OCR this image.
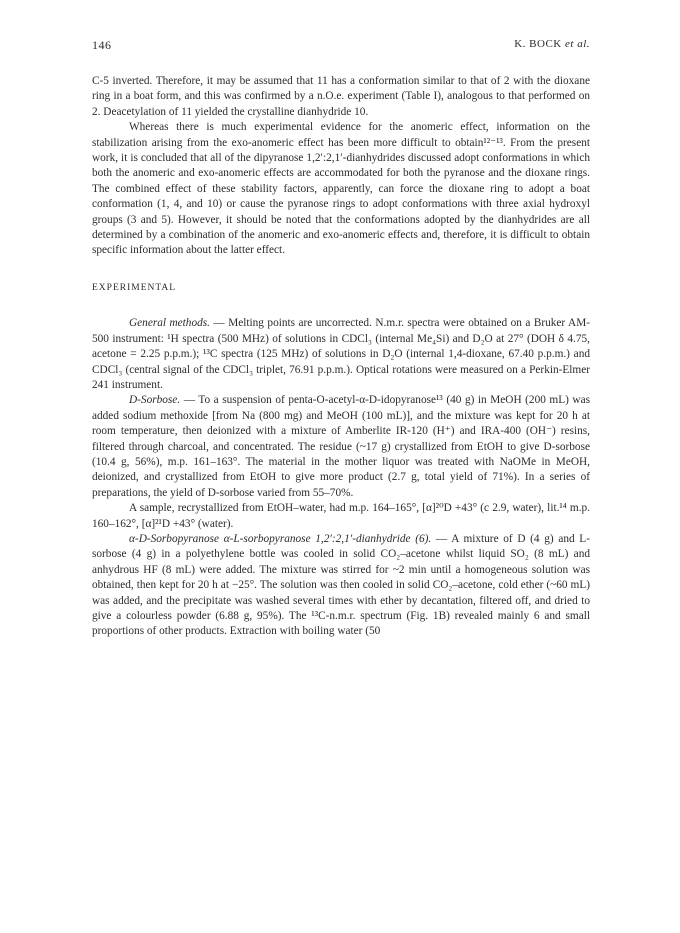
146	K. BOCK et al.

C-5 inverted. Therefore, it may be assumed that 11 has a conformation similar to that of 2 with the dioxane ring in a boat form, and this was confirmed by a n.O.e. experiment (Table I), analogous to that performed on 2. Deacetylation of 11 yielded the crystalline dianhydride 10.

Whereas there is much experimental evidence for the anomeric effect, information on the stabilization arising from the exo-anomeric effect has been more difficult to obtain¹²⁻¹³. From the present work, it is concluded that all of the dipyranose 1,2′:2,1′-dianhydrides discussed adopt conformations in which both the anomeric and exo-anomeric effects are accommodated for both the pyranose and the dioxane rings. The combined effect of these stability factors, apparently, can force the dioxane ring to adopt a boat conformation (1, 4, and 10) or cause the pyranose rings to adopt conformations with three axial hydroxyl groups (3 and 5). However, it should be noted that the conformations adopted by the dianhydrides are all determined by a combination of the anomeric and exo-anomeric effects and, therefore, it is difficult to obtain specific information about the latter effect.

EXPERIMENTAL

General methods. — Melting points are uncorrected. N.m.r. spectra were obtained on a Bruker AM-500 instrument: ¹H spectra (500 MHz) of solutions in CDCl₃ (internal Me₄Si) and D₂O at 27° (DOH δ 4.75, acetone = 2.25 p.p.m.); ¹³C spectra (125 MHz) of solutions in D₂O (internal 1,4-dioxane, 67.40 p.p.m.) and CDCl₃ (central signal of the CDCl₃ triplet, 76.91 p.p.m.). Optical rotations were measured on a Perkin-Elmer 241 instrument.

D-Sorbose. — To a suspension of penta-O-acetyl-α-D-idopyranose¹³ (40 g) in MeOH (200 mL) was added sodium methoxide [from Na (800 mg) and MeOH (100 mL)], and the mixture was kept for 20 h at room temperature, then deionized with a mixture of Amberlite IR-120 (H⁺) and IRA-400 (OH⁻) resins, filtered through charcoal, and concentrated. The residue (~17 g) crystallized from EtOH to give D-sorbose (10.4 g, 56%), m.p. 161–163°. The material in the mother liquor was treated with NaOMe in MeOH, deionized, and crystallized from EtOH to give more product (2.7 g, total yield of 71%). In a series of preparations, the yield of D-sorbose varied from 55–70%.

A sample, recrystallized from EtOH–water, had m.p. 164–165°, [α]²⁰D +43° (c 2.9, water), lit.¹⁴ m.p. 160–162°, [α]²¹D +43° (water).

α-D-Sorbopyranose α-L-sorbopyranose 1,2′:2,1′-dianhydride (6). — A mixture of D (4 g) and L-sorbose (4 g) in a polyethylene bottle was cooled in solid CO₂–acetone whilst liquid SO₂ (8 mL) and anhydrous HF (8 mL) were added. The mixture was stirred for ~2 min until a homogeneous solution was obtained, then kept for 20 h at −25°. The solution was then cooled in solid CO₂–acetone, cold ether (~60 mL) was added, and the precipitate was washed several times with ether by decantation, filtered off, and dried to give a colourless powder (6.88 g, 95%). The ¹³C-n.m.r. spectrum (Fig. 1B) revealed mainly 6 and small proportions of other products. Extraction with boiling water (50
